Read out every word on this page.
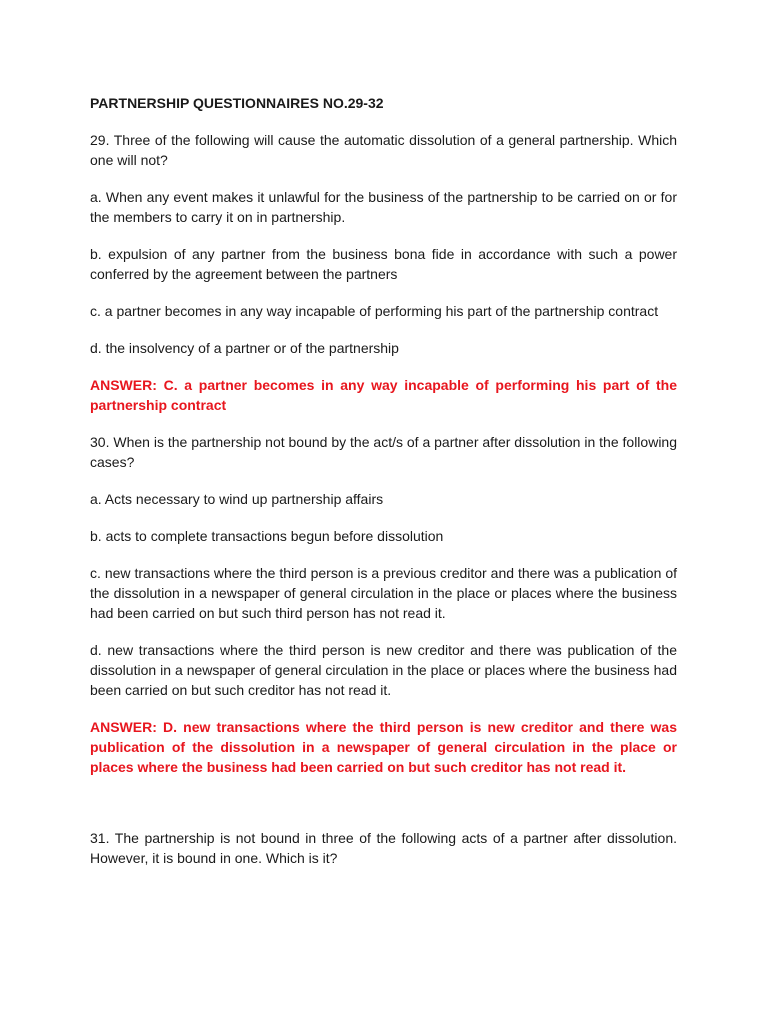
PARTNERSHIP QUESTIONNAIRES NO.29-32

29. Three of the following will cause the automatic dissolution of a general partnership. Which one will not?

a. When any event makes it unlawful for the business of the partnership to be carried on or for the members to carry it on in partnership.

b. expulsion of any partner from the business bona fide in accordance with such a power conferred by the agreement between the partners

c. a partner becomes in any way incapable of performing his part of the partnership contract

d. the insolvency of a partner or of the partnership

ANSWER: C. a partner becomes in any way incapable of performing his part of the partnership contract

30. When is the partnership not bound by the act/s of a partner after dissolution in the following cases?

a. Acts necessary to wind up partnership affairs

b. acts to complete transactions begun before dissolution

c. new transactions where the third person is a previous creditor and there was a publication of the dissolution in a newspaper of general circulation in the place or places where the business had been carried on but such third person has not read it.

d. new transactions where the third person is new creditor and there was publication of the dissolution in a newspaper of general circulation in the place or places where the business had been carried on but such creditor has not read it.

ANSWER: D. new transactions where the third person is new creditor and there was publication of the dissolution in a newspaper of general circulation in the place or places where the business had been carried on but such creditor has not read it.

31. The partnership is not bound in three of the following acts of a partner after dissolution. However, it is bound in one. Which is it?
